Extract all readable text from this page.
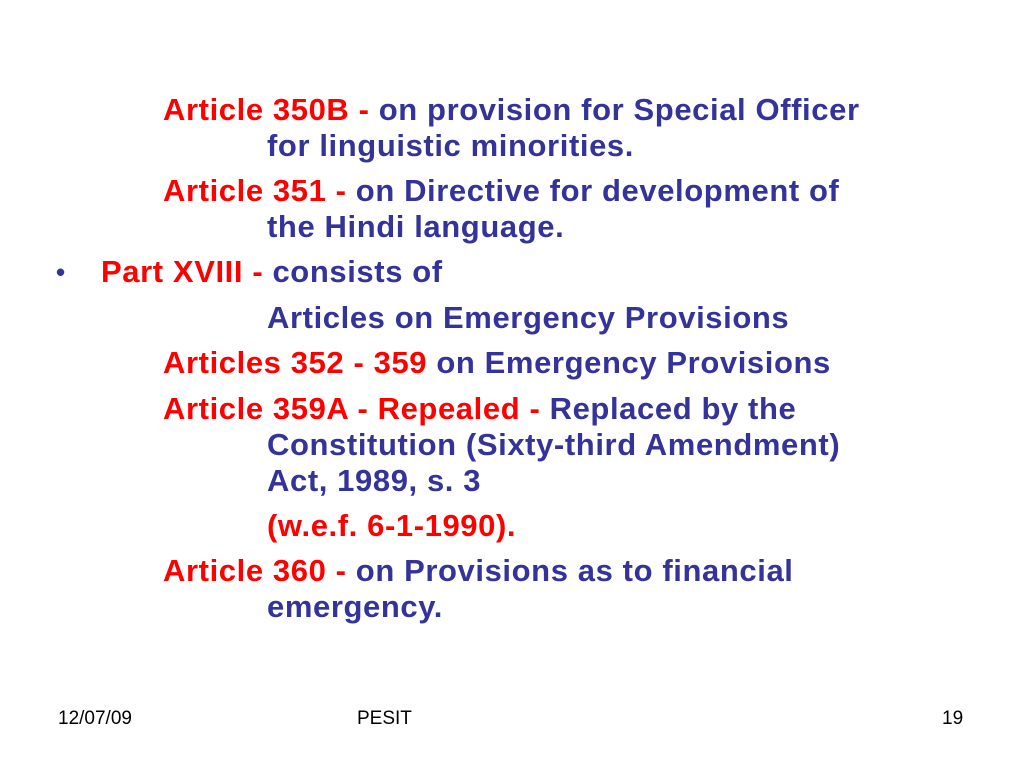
Article 350B - on provision for Special Officer
for linguistic minorities.
Article 351 - on Directive for development of
the Hindi language.
• Part XVIII - consists of
Articles on Emergency Provisions
Articles 352 - 359 on Emergency Provisions
Article 359A - Repealed - Replaced by the
Constitution (Sixty-third Amendment)
Act, 1989, s. 3
(w.e.f. 6-1-1990).
Article 360 - on Provisions as to financial
emergency.
12/07/09	PESIT	19
